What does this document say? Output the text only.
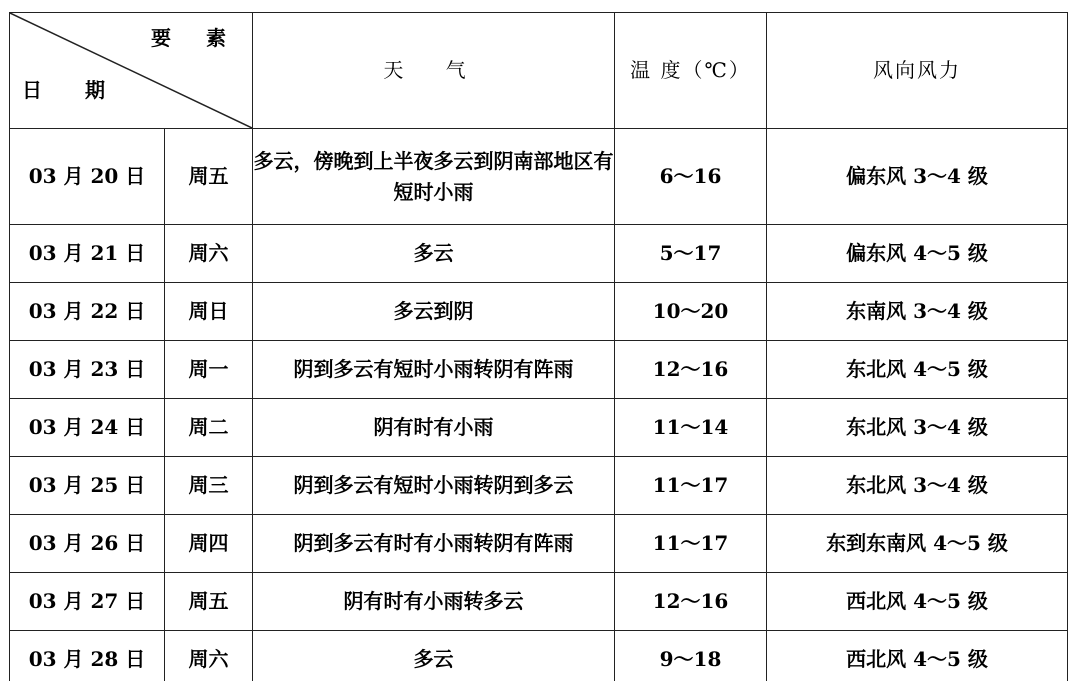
要 素
日 期		天 气	温 度（℃）	风向风力
03 月 20 日	周五	多云，傍晚到上半夜多云到阴南部地区有短时小雨	6～16	偏东风 3～4 级
03 月 21 日	周六	多云	5～17	偏东风 4～5 级
03 月 22 日	周日	多云到阴	10～20	东南风 3～4 级
03 月 23 日	周一	阴到多云有短时小雨转阴有阵雨	12～16	东北风 4～5 级
03 月 24 日	周二	阴有时有小雨	11～14	东北风 3～4 级
03 月 25 日	周三	阴到多云有短时小雨转阴到多云	11～17	东北风 3～4 级
03 月 26 日	周四	阴到多云有时有小雨转阴有阵雨	11～17	东到东南风 4～5 级
03 月 27 日	周五	阴有时有小雨转多云	12～16	西北风 4～5 级
03 月 28 日	周六	多云	9～18	西北风 4～5 级
